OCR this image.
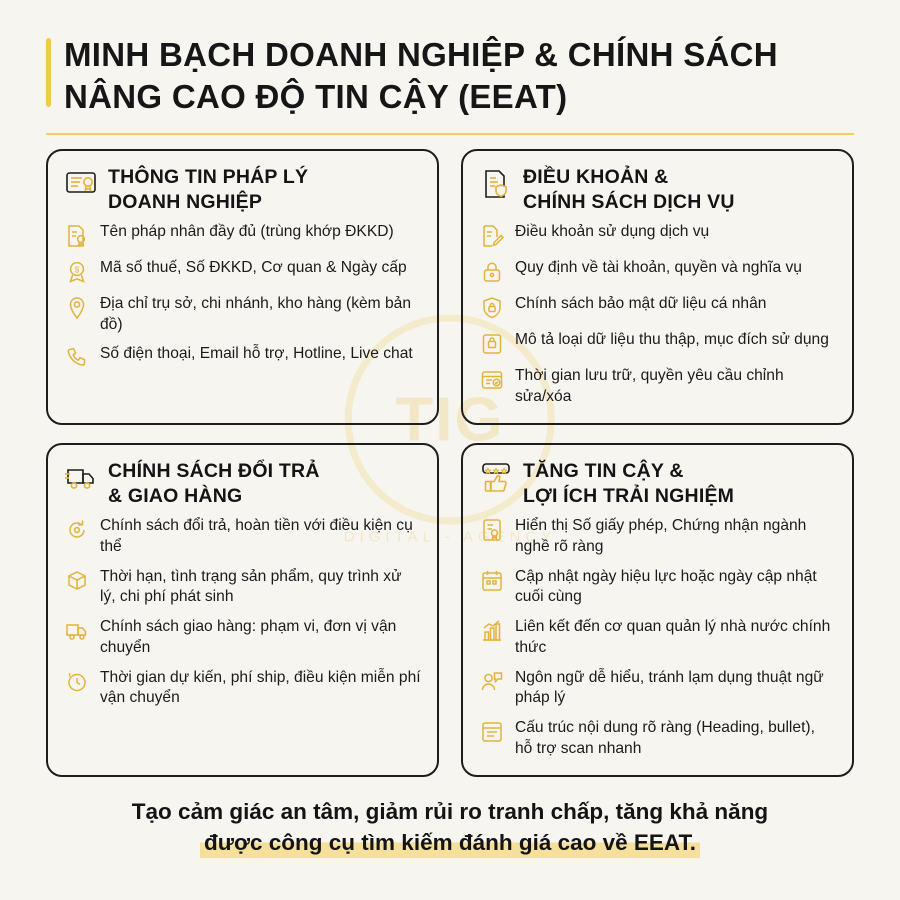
TIG
DIGITAL - AGENCY
MINH BẠCH DOANH NGHIỆP & CHÍNH SÁCH
NÂNG CAO ĐỘ TIN CẬY (EEAT)
THÔNG TIN PHÁP LÝ
DOANH NGHIỆP
Tên pháp nhân đầy đủ (trùng khớp ĐKKD)
$ Mã số thuế, Số ĐKKD, Cơ quan & Ngày cấp
Địa chỉ trụ sở, chi nhánh, kho hàng (kèm bản đồ)
Số điện thoại, Email hỗ trợ, Hotline, Live chat
ĐIỀU KHOẢN &
CHÍNH SÁCH DỊCH VỤ
Điều khoản sử dụng dịch vụ
Quy định về tài khoản, quyền và nghĩa vụ
Chính sách bảo mật dữ liệu cá nhân
Mô tả loại dữ liệu thu thập, mục đích sử dụng
Thời gian lưu trữ, quyền yêu cầu chỉnh sửa/xóa
CHÍNH SÁCH ĐỔI TRẢ
& GIAO HÀNG
Chính sách đổi trả, hoàn tiền với điều kiện cụ thể
Thời hạn, tình trạng sản phẩm, quy trình xử lý, chi phí phát sinh
Chính sách giao hàng: phạm vi, đơn vị vận chuyển
Thời gian dự kiến, phí ship, điều kiện miễn phí vận chuyển
TĂNG TIN CẬY &
LỢI ÍCH TRẢI NGHIỆM
Hiển thị Số giấy phép, Chứng nhận ngành nghề rõ ràng
Cập nhật ngày hiệu lực hoặc ngày cập nhật cuối cùng
Liên kết đến cơ quan quản lý nhà nước chính thức
Ngôn ngữ dễ hiểu, tránh lạm dụng thuật ngữ pháp lý
Cấu trúc nội dung rõ ràng (Heading, bullet), hỗ trợ scan nhanh
Tạo cảm giác an tâm, giảm rủi ro tranh chấp, tăng khả năng
được công cụ tìm kiếm đánh giá cao về EEAT.
